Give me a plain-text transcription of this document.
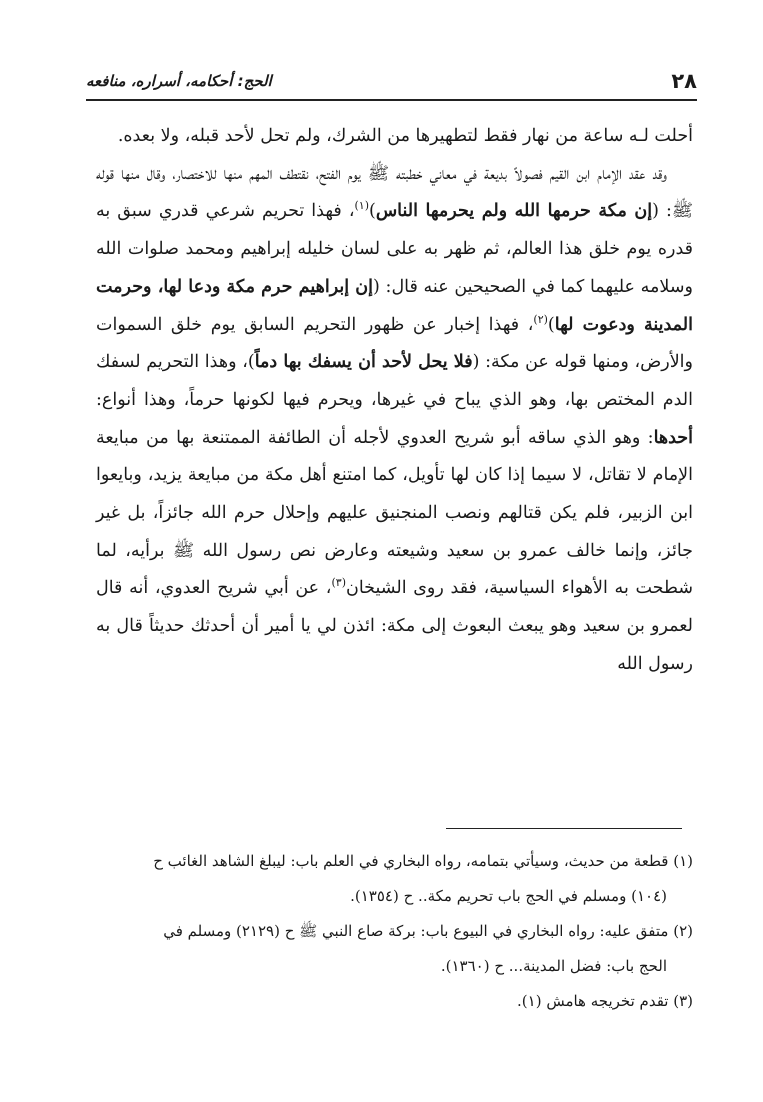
٢٨
الحج: أحكامه، أسراره، منافعه

أحلت لـه ساعة من نهار فقط لتطهيرها من الشرك، ولم تحل لأحد قبله، ولا بعده.

وقد عقد الإمام ابن القيم فصولاً بديعة في معاني خطبته ﷺ يوم الفتح، نقتطف المهم منها للاختصار، وقال منها قوله ﷺ: (إن مكة حرمها الله ولم يحرمها الناس)$^{(١)}$، فهذا تحريم شرعي قدري سبق به قدره يوم خلق هذا العالم، ثم ظهر به على لسان خليله إبراهيم ومحمد صلوات الله وسلامه عليهما كما في الصحيحين عنه قال: (إن إبراهيم حرم مكة ودعا لها، وحرمت المدينة ودعوت لها)$^{(٢)}$، فهذا إخبار عن ظهور التحريم السابق يوم خلق السموات والأرض، ومنها قوله عن مكة: (فلا يحل لأحد أن يسفك بها دماً)، وهذا التحريم لسفك الدم المختص بها، وهو الذي يباح في غيرها، ويحرم فيها لكونها حرماً، وهذا أنواع: أحدها: وهو الذي ساقه أبو شريح العدوي لأجله أن الطائفة الممتنعة بها من مبايعة الإمام لا تقاتل، لا سيما إذا كان لها تأويل، كما امتنع أهل مكة من مبايعة يزيد، وبايعوا ابن الزبير، فلم يكن قتالهم ونصب المنجنيق عليهم وإحلال حرم الله جائزاً، بل غير جائز، وإنما خالف عمرو بن سعيد وشيعته وعارض نص رسول الله ﷺ برأيه، لما شطحت به الأهواء السياسية، فقد روى الشيخان$^{(٣)}$، عن أبي شريح العدوي، أنه قال لعمرو بن سعيد وهو يبعث البعوث إلى مكة: ائذن لي يا أمير أن أحدثك حديثاً قال به رسول الله

(١) قطعة من حديث، وسيأتي بتمامه، رواه البخاري في العلم باب: ليبلغ الشاهد الغائب ح

(١٠٤) ومسلم في الحج باب تحريم مكة.. ح (١٣٥٤).

(٢) متفق عليه: رواه البخاري في البيوع باب: بركة صاع النبي ﷺ ح (٢١٢٩) ومسلم في

الحج باب: فضل المدينة... ح (١٣٦٠).

(٣) تقدم تخريجه هامش (١).
